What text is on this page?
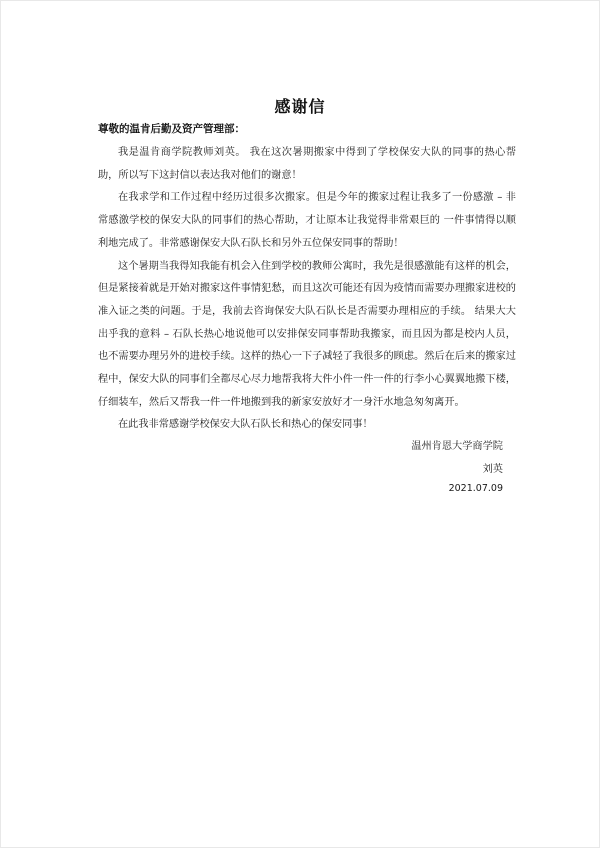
感谢信
尊敬的温肯后勤及资产管理部：

我是温肯商学院教师刘英。 我在这次暑期搬家中得到了学校保安大队的同事的热心帮助，所以写下这封信以表达我对他们的谢意！

在我求学和工作过程中经历过很多次搬家。但是今年的搬家过程让我多了一份感激 – 非常感激学校的保安大队的同事们的热心帮助，才让原本让我觉得非常艰巨的 一件事情得以顺利地完成了。非常感谢保安大队石队长和另外五位保安同事的帮助！

这个暑期当我得知我能有机会入住到学校的教师公寓时，我先是很感激能有这样的机会，但是紧接着就是开始对搬家这件事情犯愁，而且这次可能还有因为疫情而需要办理搬家进校的准入证之类的问题。于是，我前去咨询保安大队石队长是否需要办理相应的手续。 结果大大出乎我的意料 – 石队长热心地说他可以安排保安同事帮助我搬家，而且因为都是校内人员，也不需要办理另外的进校手续。这样的热心一下子减轻了我很多的顾虑。然后在后来的搬家过程中，保安大队的同事们全都尽心尽力地帮我将大件小件一件一件的行李小心翼翼地搬下楼，仔细装车，然后又帮我一件一件地搬到我的新家安放好才一身汗水地急匆匆离开。

在此我非常感谢学校保安大队石队长和热心的保安同事！

温州肯恩大学商学院
刘英
2021.07.09
